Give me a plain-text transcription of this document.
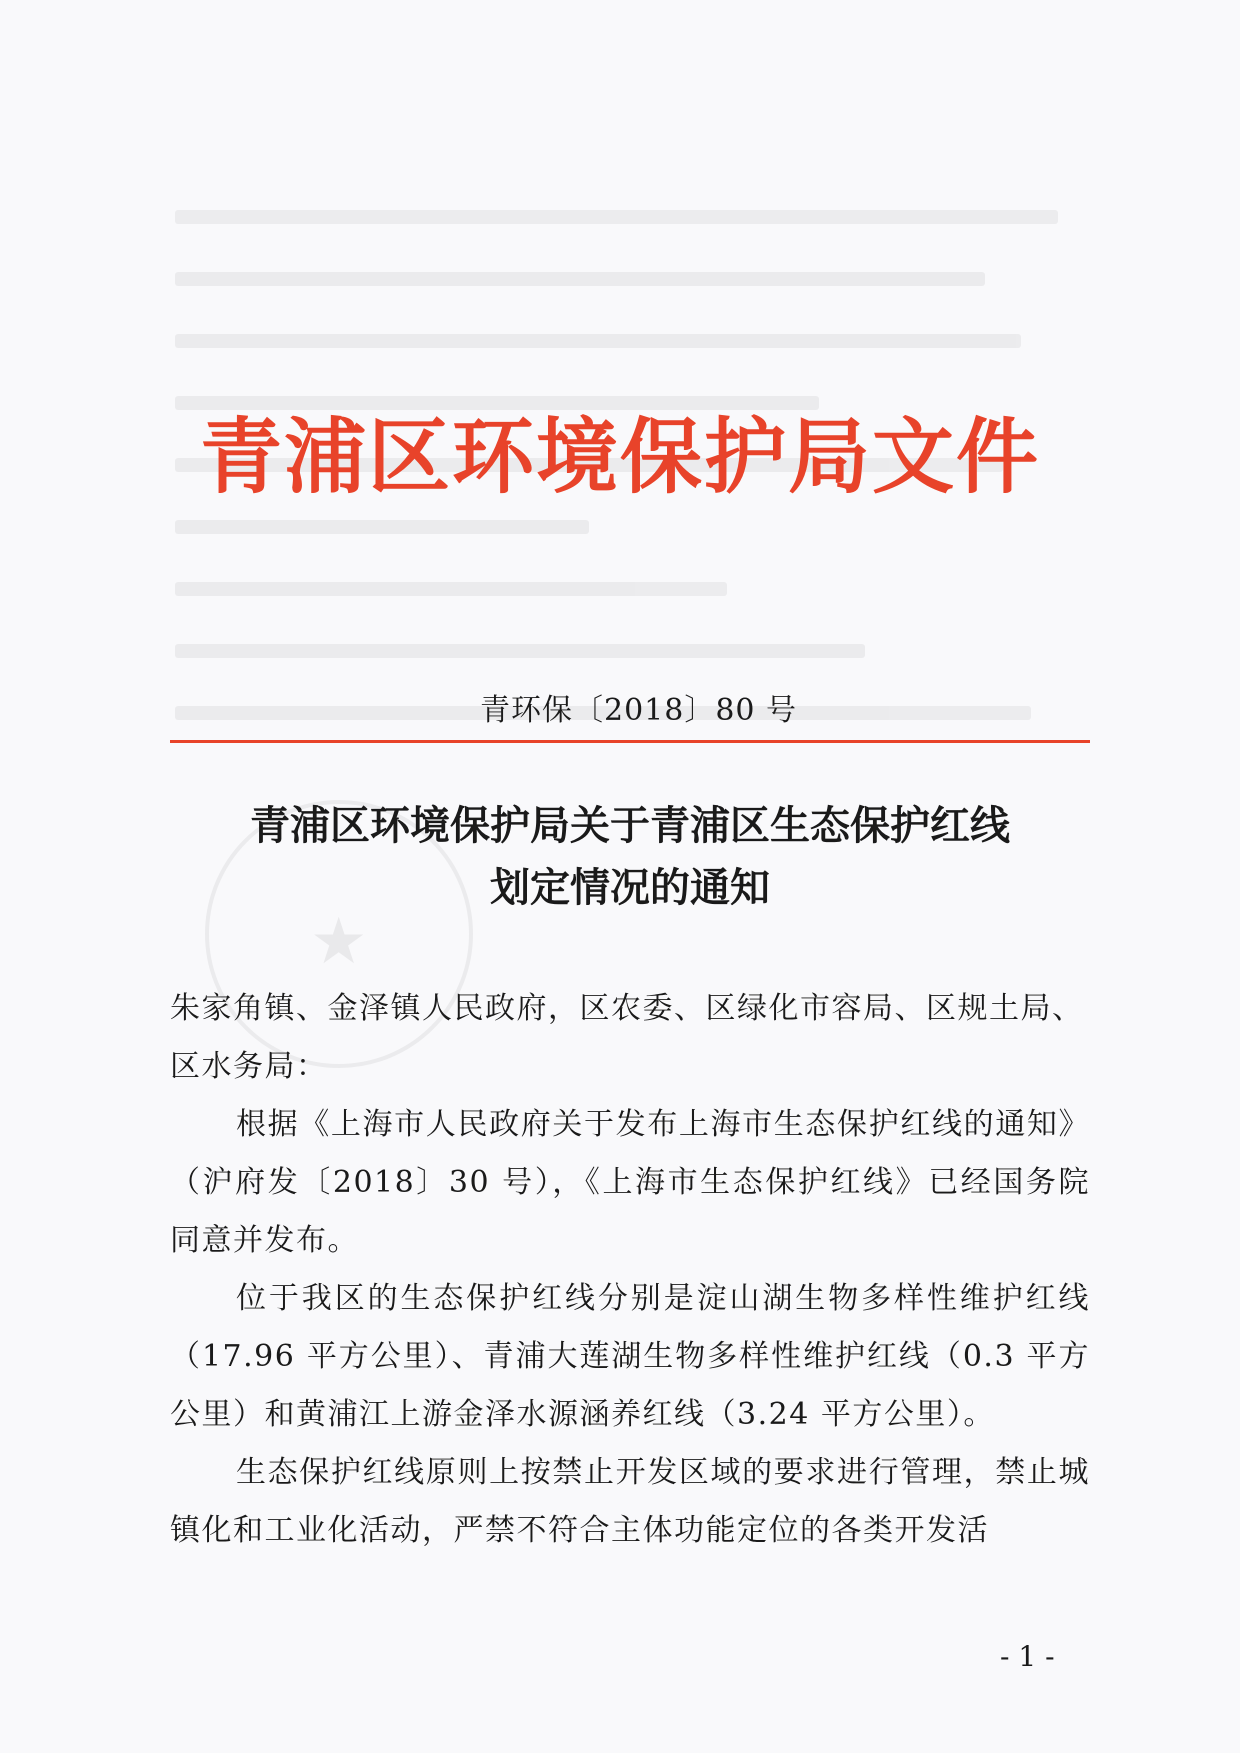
★
青浦区环境保护局文件
青环保〔2018〕80 号
青浦区环境保护局关于青浦区生态保护红线
划定情况的通知

朱家角镇、金泽镇人民政府，区农委、区绿化市容局、区规土局、

区水务局：

根据《上海市人民政府关于发布上海市生态保护红线的通知》（沪府发〔2018〕30 号），《上海市生态保护红线》已经国务院同意并发布。

位于我区的生态保护红线分别是淀山湖生物多样性维护红线（17.96 平方公里）、青浦大莲湖生物多样性维护红线（0.3 平方公里）和黄浦江上游金泽水源涵养红线（3.24 平方公里）。

生态保护红线原则上按禁止开发区域的要求进行管理，禁止城镇化和工业化活动，严禁不符合主体功能定位的各类开发活

- 1 -
